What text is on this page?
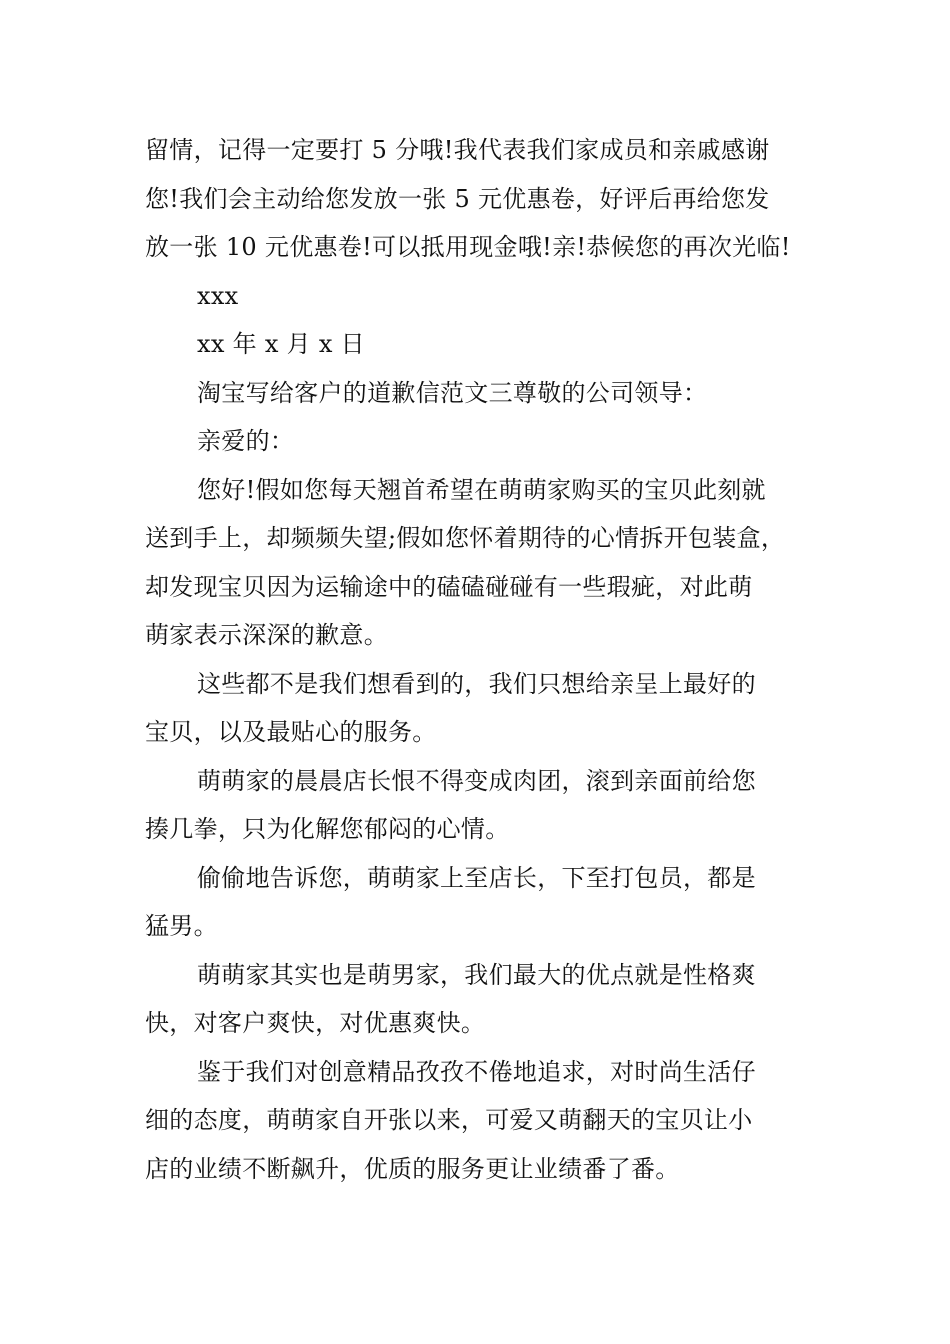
留情，记得一定要打 5 分哦!我代表我们家成员和亲戚感谢
您!我们会主动给您发放一张 5 元优惠卷，好评后再给您发
放一张 10 元优惠卷!可以抵用现金哦!亲!恭候您的再次光临!

xxx

xx 年 x 月 x 日

淘宝写给客户的道歉信范文三尊敬的公司领导：

亲爱的：

您好!假如您每天翘首希望在萌萌家购买的宝贝此刻就
送到手上，却频频失望;假如您怀着期待的心情拆开包装盒，
却发现宝贝因为运输途中的磕磕碰碰有一些瑕疵，对此萌
萌家表示深深的歉意。

这些都不是我们想看到的，我们只想给亲呈上最好的
宝贝，以及最贴心的服务。

萌萌家的晨晨店长恨不得变成肉团，滚到亲面前给您
揍几拳，只为化解您郁闷的心情。

偷偷地告诉您，萌萌家上至店长，下至打包员，都是
猛男。

萌萌家其实也是萌男家，我们最大的优点就是性格爽
快，对客户爽快，对优惠爽快。

鉴于我们对创意精品孜孜不倦地追求，对时尚生活仔
细的态度，萌萌家自开张以来，可爱又萌翻天的宝贝让小
店的业绩不断飙升，优质的服务更让业绩番了番。
